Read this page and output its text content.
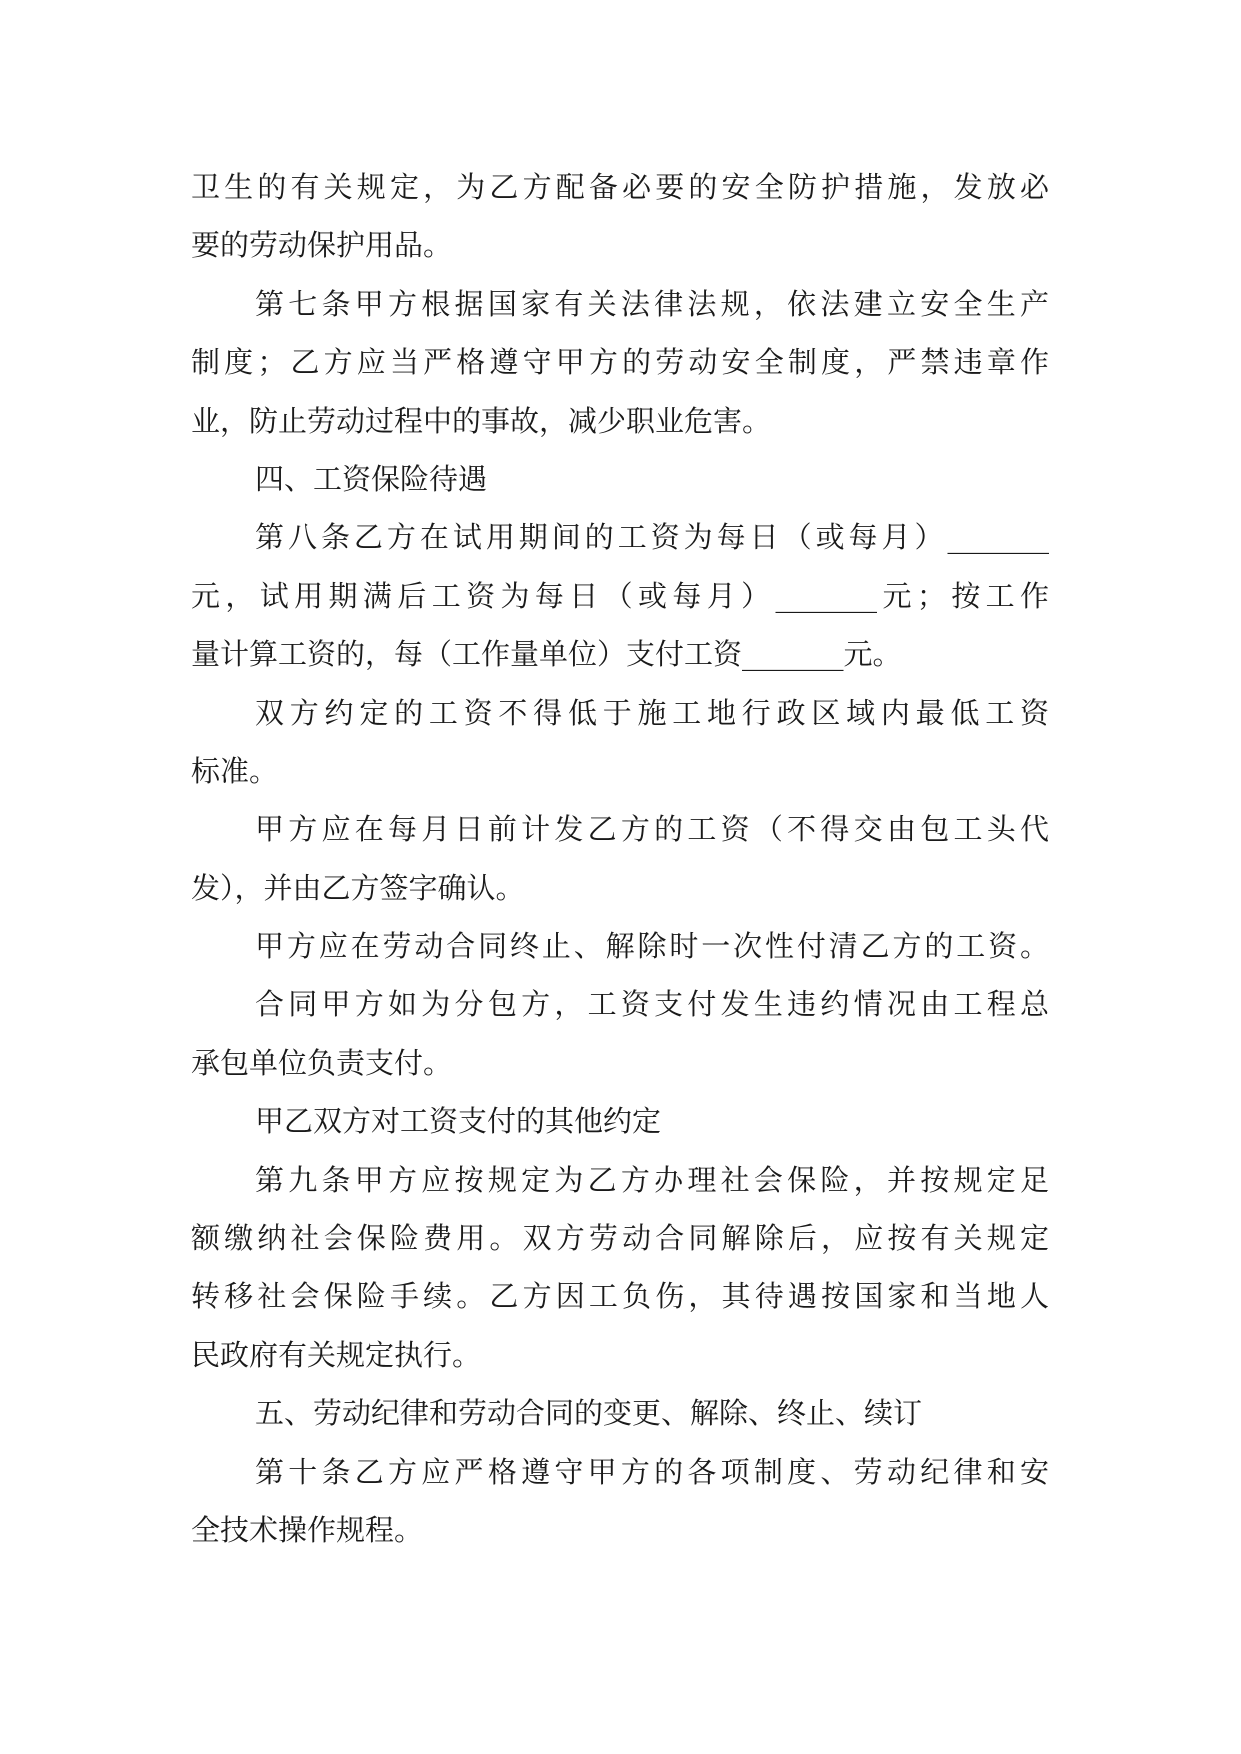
卫生的有关规定，为乙方配备必要的安全防护措施，发放必
要的劳动保护用品。
第七条甲方根据国家有关法律法规，依法建立安全生产
制度；乙方应当严格遵守甲方的劳动安全制度，严禁违章作
业，防止劳动过程中的事故，减少职业危害。
四、工资保险待遇
第八条乙方在试用期间的工资为每日（或每月）_______
元，试用期满后工资为每日（或每月）_______元；按工作
量计算工资的，每（工作量单位）支付工资_______元。
双方约定的工资不得低于施工地行政区域内最低工资
标准。
甲方应在每月日前计发乙方的工资（不得交由包工头代
发），并由乙方签字确认。
甲方应在劳动合同终止、解除时一次性付清乙方的工资。
合同甲方如为分包方，工资支付发生违约情况由工程总
承包单位负责支付。
甲乙双方对工资支付的其他约定
第九条甲方应按规定为乙方办理社会保险，并按规定足
额缴纳社会保险费用。双方劳动合同解除后，应按有关规定
转移社会保险手续。乙方因工负伤，其待遇按国家和当地人
民政府有关规定执行。
五、劳动纪律和劳动合同的变更、解除、终止、续订
第十条乙方应严格遵守甲方的各项制度、劳动纪律和安
全技术操作规程。
